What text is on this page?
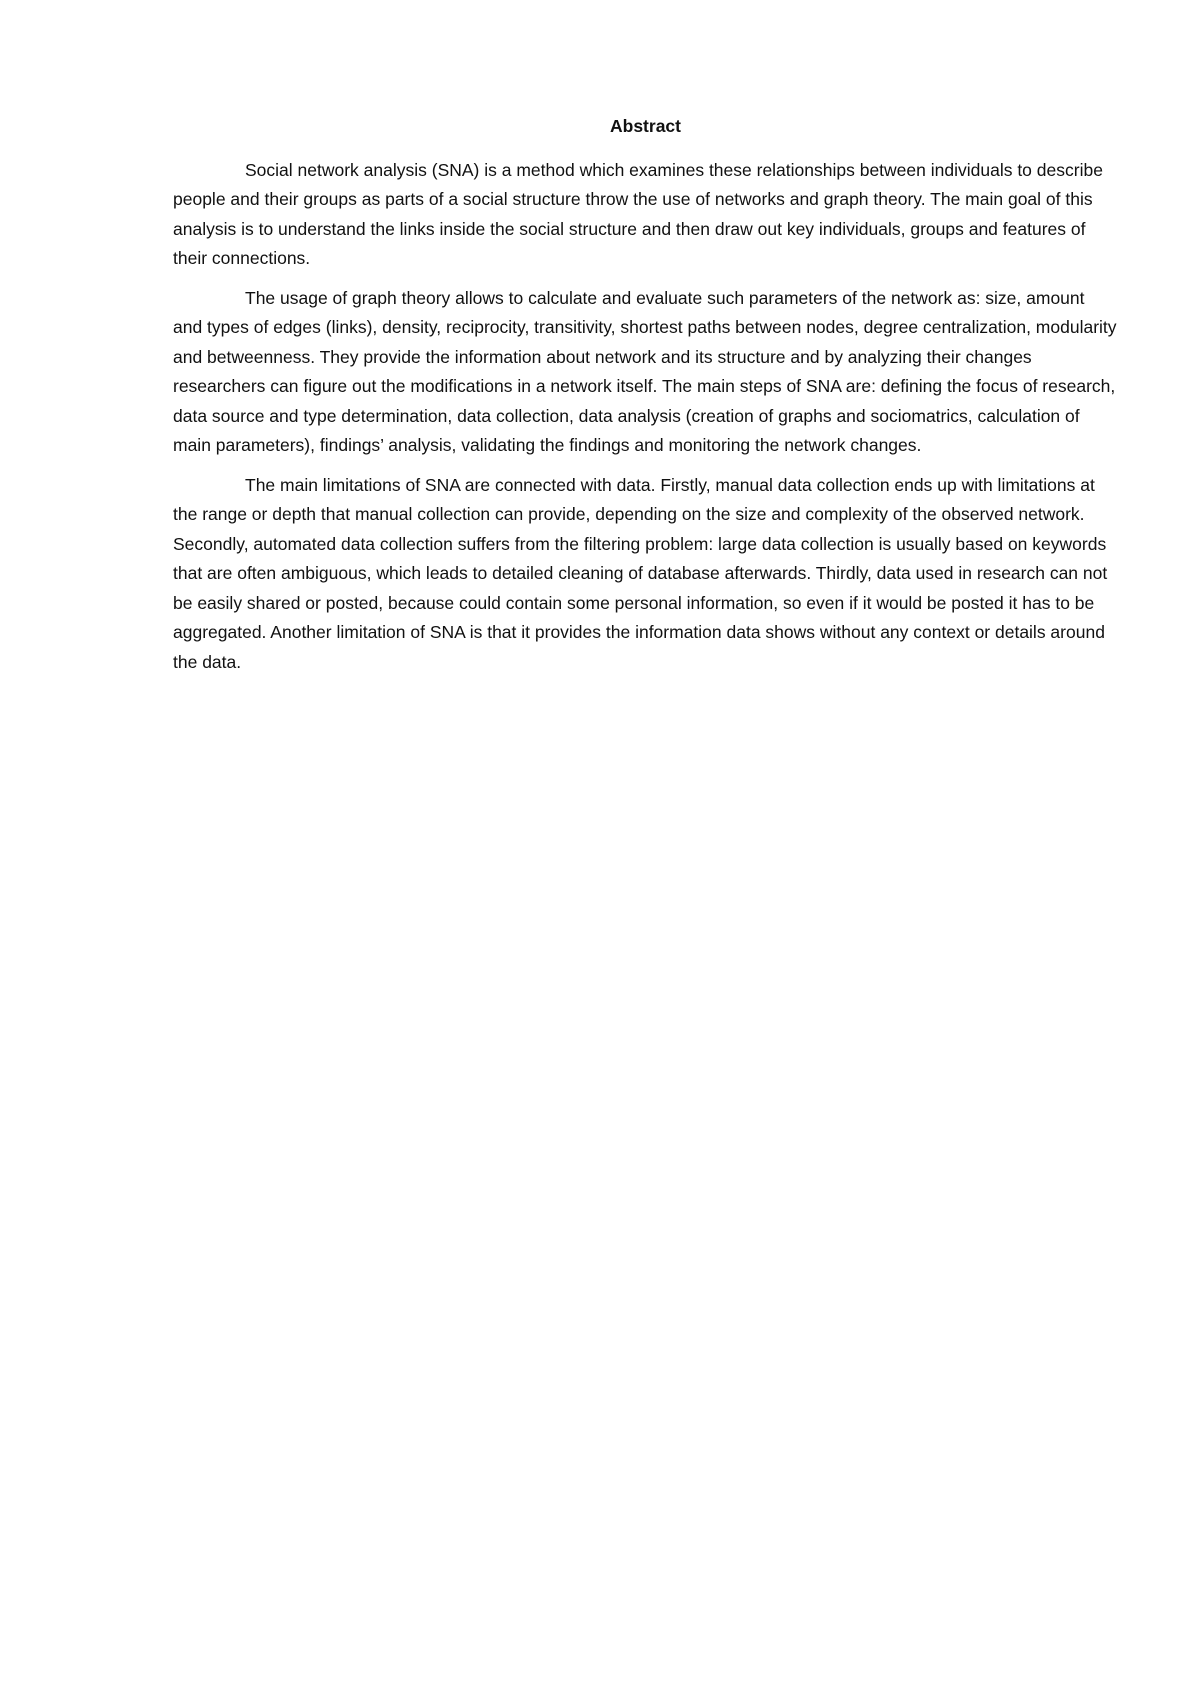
Abstract

Social network analysis (SNA) is a method which examines these relationships between individuals to describe people and their groups as parts of a social structure throw the use of networks and graph theory. The main goal of this analysis is to understand the links inside the social structure and then draw out key individuals, groups and features of their connections.

The usage of graph theory allows to calculate and evaluate such parameters of the network as: size, amount and types of edges (links), density, reciprocity, transitivity, shortest paths between nodes, degree centralization, modularity and betweenness. They provide the information about network and its structure and by analyzing their changes researchers can figure out the modifications in a network itself. The main steps of SNA are: defining the focus of research, data source and type determination, data collection, data analysis (creation of graphs and sociomatrics, calculation of main parameters), findings’ analysis, validating the findings and monitoring the network changes.

The main limitations of SNA are connected with data. Firstly, manual data collection ends up with limitations at the range or depth that manual collection can provide, depending on the size and complexity of the observed network. Secondly, automated data collection suffers from the filtering problem: large data collection is usually based on keywords that are often ambiguous, which leads to detailed cleaning of database afterwards. Thirdly, data used in research can not be easily shared or posted, because could contain some personal information, so even if it would be posted it has to be aggregated. Another limitation of SNA is that it provides the information data shows without any context or details around the data.
